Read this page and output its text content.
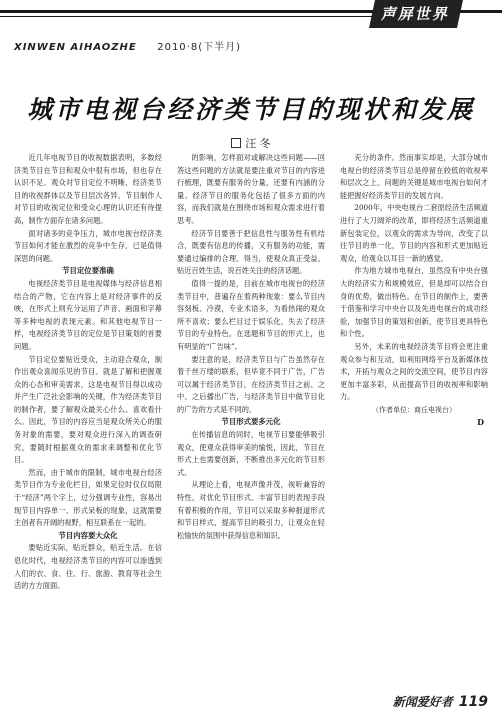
声屏世界
XINWEN AIHAOZHE 2010·8(下半月)
城市电视台经济类节目的现状和发展
汪 冬

近几年电视节目的收视数据表明，多数经济类节目在节目和观众中很有市场，但也存在认识不足、观众对节目定位不明晰、经济类节目的收视群体以及节目层次各异、节目制作人对节目的收视定位和受众心理的认识还有待提高，制作方面存在诸多问题。

面对诸多的竞争压力，城市电视台经济类节目如何才能在激烈的竞争中生存，已是值得深思的问题。

节目定位要准确

电视经济类节目是电视媒体与经济信息相结合的产物，它在内容上是对经济事件的反映，在形式上则充分运用了声音、画面和字幕等多种电视的表现元素。和其他电视节目一样，电视经济类节目的定位是节目策划的首要问题。

节目定位要贴近受众，主动迎合观众，制作出观众喜闻乐见的节目。就是了解和把握观众的心态和审美需求，这是电视节目得以成功并产生广泛社会影响的关键，作为经济类节目的制作者，要了解观众最关心什么、喜欢看什么。因此，节目的内容应当是观众所关心的服务对象的需要，要对观众进行深入的调查研究，要随时根据观众的需求来调整和优化节目。

然而，由于城市的限制，城市电视台经济类节目作为专业化栏目，如果定位时仅仅局限于“经济”两个字上，过分强调专业性，容易出现节目内容单一、形式呆板的现象，这就需要主创者有开阔的视野，相互联系在一起的。

节目内容要大众化

要贴近实际，贴近群众，贴近生活。在信息化时代，电视经济类节目的内容可以渗透到人们的衣、食、住、行、旅游、教育等社会生活的方方面面。

的影响，怎样面对或解决这些问题——回答这些问题的方法就是要注重对节目的内容进行梳理，既要有服务的分量，还要有内涵的分量。经济节目的服务化包括了很多方面的内容，而我们就是在围绕市场和观众需求进行着思考。

经济节目要善于把信息性与服务性有机结合，既要有信息的传播，又有服务的功能，需要通过编排的合理、得当，使观众真正受益。贴近百姓生活，说百姓关注的经济话题。

值得一提的是，目前在城市电视台的经济类节目中，普遍存在着两种现象：要么节目内容刻板、冷漠，专业术语多，为看热闹的观众所不喜欢；要么栏目过于娱乐化，失去了经济节目的专业特色。在选题和节目的形式上，也有明显的“广告味”。

要注意的是，经济类节目与广告虽然存在着千丝万缕的联系，但毕竟不同于广告，广告可以属于经济类节目，在经济类节目之前、之中、之后播出广告，与经济类节目中做节目化的广告的方式是不同的。

节目形式要多元化

在传播信息的同时，电视节目要能够吸引观众，使观众获得审美的愉悦，因此，节目在形式上也需要创新，不断推出多元化的节目形式。

从理论上看，电视声像并茂，视听兼容的特性，对优化节目形式、丰富节目的表现手段有着积极的作用，节目可以采取多种报道形式和节目样式，提高节目的吸引力，让观众在轻松愉快的氛围中获得信息和知识。

充分的条件。然而事实却是，大部分城市电视台的经济类节目总是停留在较低的收视率和层次之上。问题的关键是城市电视台如何才能把握好经济类节目的发展方向。

2000年，中央电视台二套原经济生活频道进行了大刀阔斧的改革，即将经济生活频道重新包装定位，以观众的需求为导向，改变了以往节目的单一化，节目的内容和形式更加贴近观众，给观众以耳目一新的感觉。

作为地方城市电视台，虽然没有中央台强大的经济实力和规模效应，但是却可以结合自身的优势，做出特色。在节目的制作上，要善于借鉴和学习中央台以及先进电视台的成功经验，加强节目的策划和创新，使节目更具特色和个性。

另外，未来的电视经济类节目将会更注重观众参与和互动，如利用网络平台及新媒体技术，开拓与观众之间的交流空间，使节目内容更加丰富多彩，从而提高节目的收视率和影响力。

（作者单位：商丘电视台）
D
新闻爱好者 119
